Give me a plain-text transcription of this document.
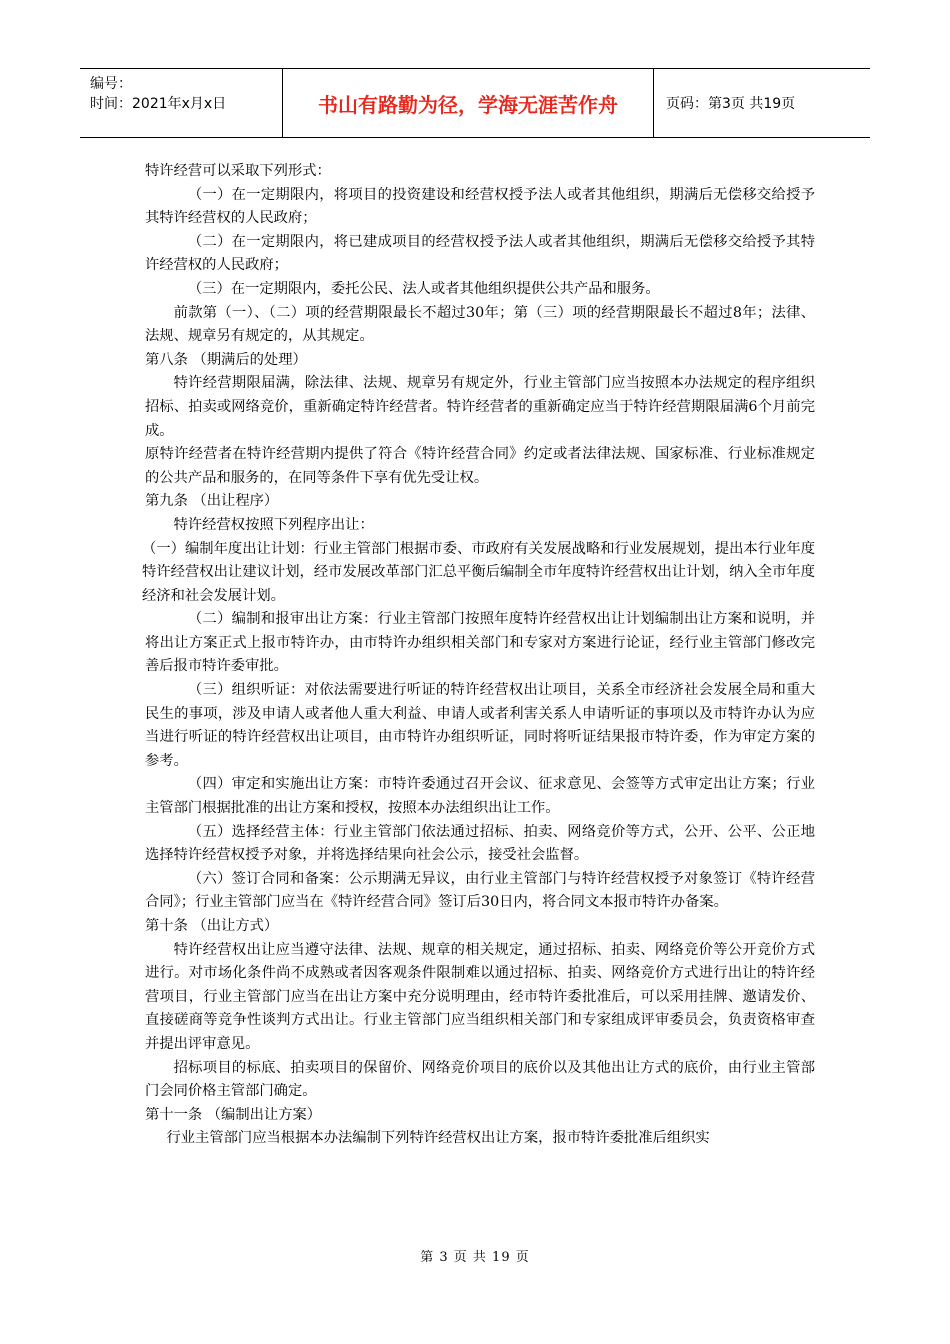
编号：
时间：2021年x月x日	书山有路勤为径，学海无涯苦作舟	页码：第3页 共19页

特许经营可以采取下列形式：

（一）在一定期限内，将项目的投资建设和经营权授予法人或者其他组织，期满后无偿移交给授予其特许经营权的人民政府；

（二）在一定期限内，将已建成项目的经营权授予法人或者其他组织，期满后无偿移交给授予其特许经营权的人民政府；

（三）在一定期限内，委托公民、法人或者其他组织提供公共产品和服务。

前款第（一）、（二）项的经营期限最长不超过30年；第（三）项的经营期限最长不超过8年；法律、法规、规章另有规定的，从其规定。

第八条 （期满后的处理）

特许经营期限届满，除法律、法规、规章另有规定外，行业主管部门应当按照本办法规定的程序组织招标、拍卖或网络竞价，重新确定特许经营者。特许经营者的重新确定应当于特许经营期限届满6个月前完成。

原特许经营者在特许经营期内提供了符合《特许经营合同》约定或者法律法规、国家标准、行业标准规定的公共产品和服务的，在同等条件下享有优先受让权。

第九条 （出让程序）

特许经营权按照下列程序出让：

（一）编制年度出让计划：行业主管部门根据市委、市政府有关发展战略和行业发展规划，提出本行业年度特许经营权出让建议计划，经市发展改革部门汇总平衡后编制全市年度特许经营权出让计划，纳入全市年度经济和社会发展计划。

（二）编制和报审出让方案：行业主管部门按照年度特许经营权出让计划编制出让方案和说明，并将出让方案正式上报市特许办，由市特许办组织相关部门和专家对方案进行论证，经行业主管部门修改完善后报市特许委审批。

（三）组织听证：对依法需要进行听证的特许经营权出让项目，关系全市经济社会发展全局和重大民生的事项，涉及申请人或者他人重大利益、申请人或者利害关系人申请听证的事项以及市特许办认为应当进行听证的特许经营权出让项目，由市特许办组织听证，同时将听证结果报市特许委，作为审定方案的参考。

（四）审定和实施出让方案：市特许委通过召开会议、征求意见、会签等方式审定出让方案；行业主管部门根据批准的出让方案和授权，按照本办法组织出让工作。

（五）选择经营主体：行业主管部门依法通过招标、拍卖、网络竞价等方式，公开、公平、公正地选择特许经营权授予对象，并将选择结果向社会公示，接受社会监督。

（六）签订合同和备案：公示期满无异议，由行业主管部门与特许经营权授予对象签订《特许经营合同》；行业主管部门应当在《特许经营合同》签订后30日内，将合同文本报市特许办备案。

第十条 （出让方式）

特许经营权出让应当遵守法律、法规、规章的相关规定，通过招标、拍卖、网络竞价等公开竞价方式进行。对市场化条件尚不成熟或者因客观条件限制难以通过招标、拍卖、网络竞价方式进行出让的特许经营项目，行业主管部门应当在出让方案中充分说明理由，经市特许委批准后，可以采用挂牌、邀请发价、直接磋商等竞争性谈判方式出让。行业主管部门应当组织相关部门和专家组成评审委员会，负责资格审查并提出评审意见。

招标项目的标底、拍卖项目的保留价、网络竞价项目的底价以及其他出让方式的底价，由行业主管部门会同价格主管部门确定。

第十一条 （编制出让方案）

行业主管部门应当根据本办法编制下列特许经营权出让方案，报市特许委批准后组织实

第 3 页 共 19 页
